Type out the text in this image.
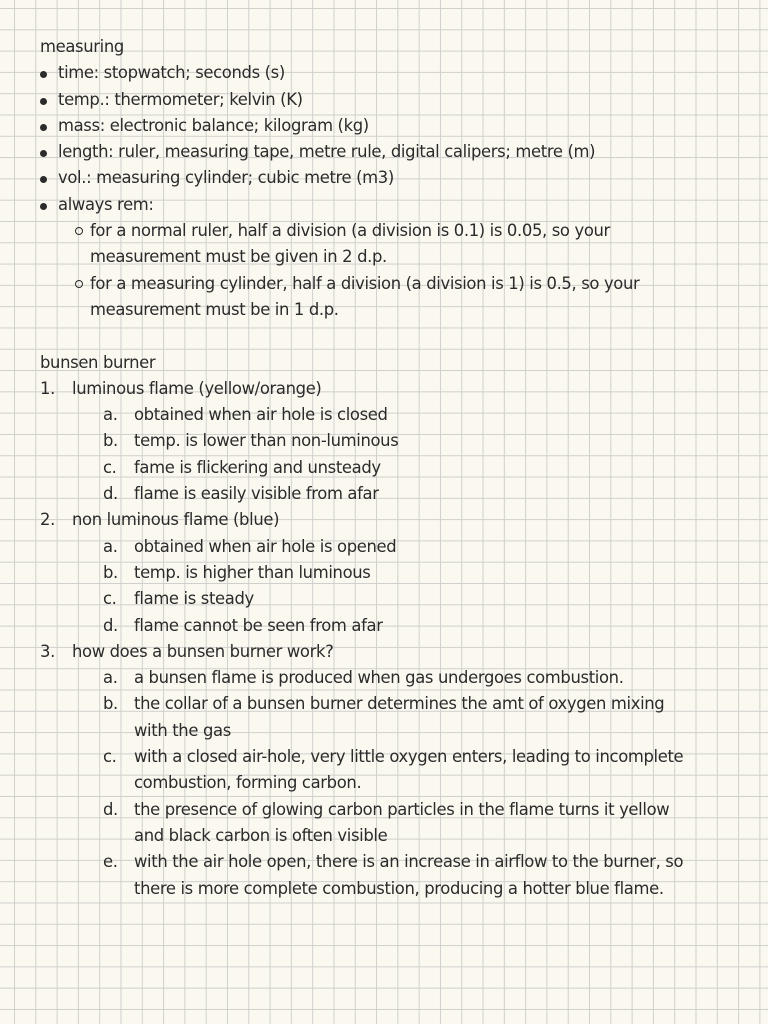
measuring
time: stopwatch; seconds (s)
temp.: thermometer; kelvin (K)
mass: electronic balance; kilogram (kg)
length: ruler, measuring tape, metre rule, digital calipers; metre (m)
vol.: measuring cylinder; cubic metre (m3)
always rem:
for a normal ruler, half a division (a division is 0.1) is 0.05, so your
measurement must be given in 2 d.p.
for a measuring cylinder, half a division (a division is 1) is 0.5, so your
measurement must be in 1 d.p.
bunsen burner
1. luminous flame (yellow/orange)
a. obtained when air hole is closed
b. temp. is lower than non-luminous
c. fame is flickering and unsteady
d. flame is easily visible from afar
2. non luminous flame (blue)
a. obtained when air hole is opened
b. temp. is higher than luminous
c. flame is steady
d. flame cannot be seen from afar
3. how does a bunsen burner work?
a. a bunsen flame is produced when gas undergoes combustion.
b. the collar of a bunsen burner determines the amt of oxygen mixing
with the gas
c. with a closed air-hole, very little oxygen enters, leading to incomplete
combustion, forming carbon.
d. the presence of glowing carbon particles in the flame turns it yellow
and black carbon is often visible
e. with the air hole open, there is an increase in airflow to the burner, so
there is more complete combustion, producing a hotter blue flame.
